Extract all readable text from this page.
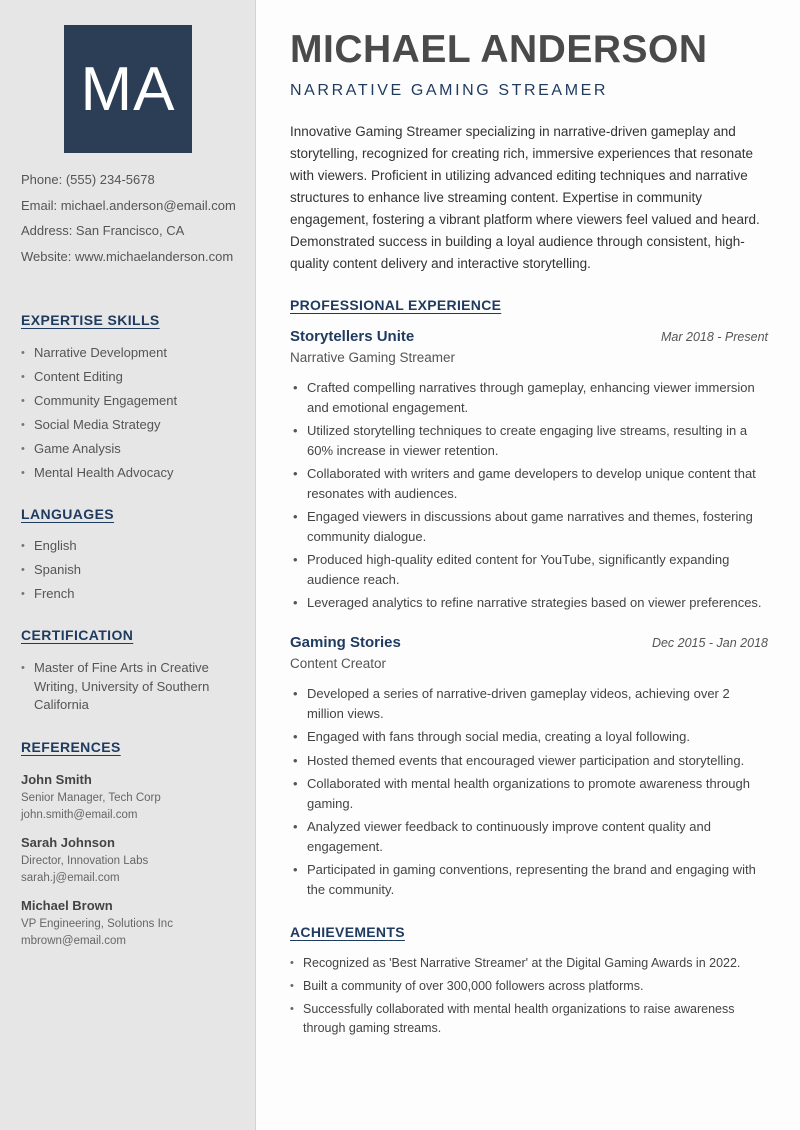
MA
Phone: (555) 234-5678
Email: michael.anderson@email.com
Address: San Francisco, CA
Website: www.michaelanderson.com
EXPERTISE SKILLS
• Narrative Development
• Content Editing
• Community Engagement
• Social Media Strategy
• Game Analysis
• Mental Health Advocacy
LANGUAGES
• English
• Spanish
• French
CERTIFICATION
• Master of Fine Arts in Creative Writing, University of Southern California
REFERENCES
John Smith
Senior Manager, Tech Corp
john.smith@email.com
Sarah Johnson
Director, Innovation Labs
sarah.j@email.com
Michael Brown
VP Engineering, Solutions Inc
mbrown@email.com
MICHAEL ANDERSON
NARRATIVE GAMING STREAMER

Innovative Gaming Streamer specializing in narrative-driven gameplay and storytelling, recognized for creating rich, immersive experiences that resonate with viewers. Proficient in utilizing advanced editing techniques and narrative structures to enhance live streaming content. Expertise in community engagement, fostering a vibrant platform where viewers feel valued and heard. Demonstrated success in building a loyal audience through consistent, high-quality content delivery and interactive storytelling.

PROFESSIONAL EXPERIENCE
Storytellers Unite	Mar 2018 - Present
Narrative Gaming Streamer
• Crafted compelling narratives through gameplay, enhancing viewer immersion and emotional engagement.
• Utilized storytelling techniques to create engaging live streams, resulting in a 60% increase in viewer retention.
• Collaborated with writers and game developers to develop unique content that resonates with audiences.
• Engaged viewers in discussions about game narratives and themes, fostering community dialogue.
• Produced high-quality edited content for YouTube, significantly expanding audience reach.
• Leveraged analytics to refine narrative strategies based on viewer preferences.
Gaming Stories	Dec 2015 - Jan 2018
Content Creator
• Developed a series of narrative-driven gameplay videos, achieving over 2 million views.
• Engaged with fans through social media, creating a loyal following.
• Hosted themed events that encouraged viewer participation and storytelling.
• Collaborated with mental health organizations to promote awareness through gaming.
• Analyzed viewer feedback to continuously improve content quality and engagement.
• Participated in gaming conventions, representing the brand and engaging with the community.
ACHIEVEMENTS
• Recognized as 'Best Narrative Streamer' at the Digital Gaming Awards in 2022.
• Built a community of over 300,000 followers across platforms.
• Successfully collaborated with mental health organizations to raise awareness through gaming streams.
